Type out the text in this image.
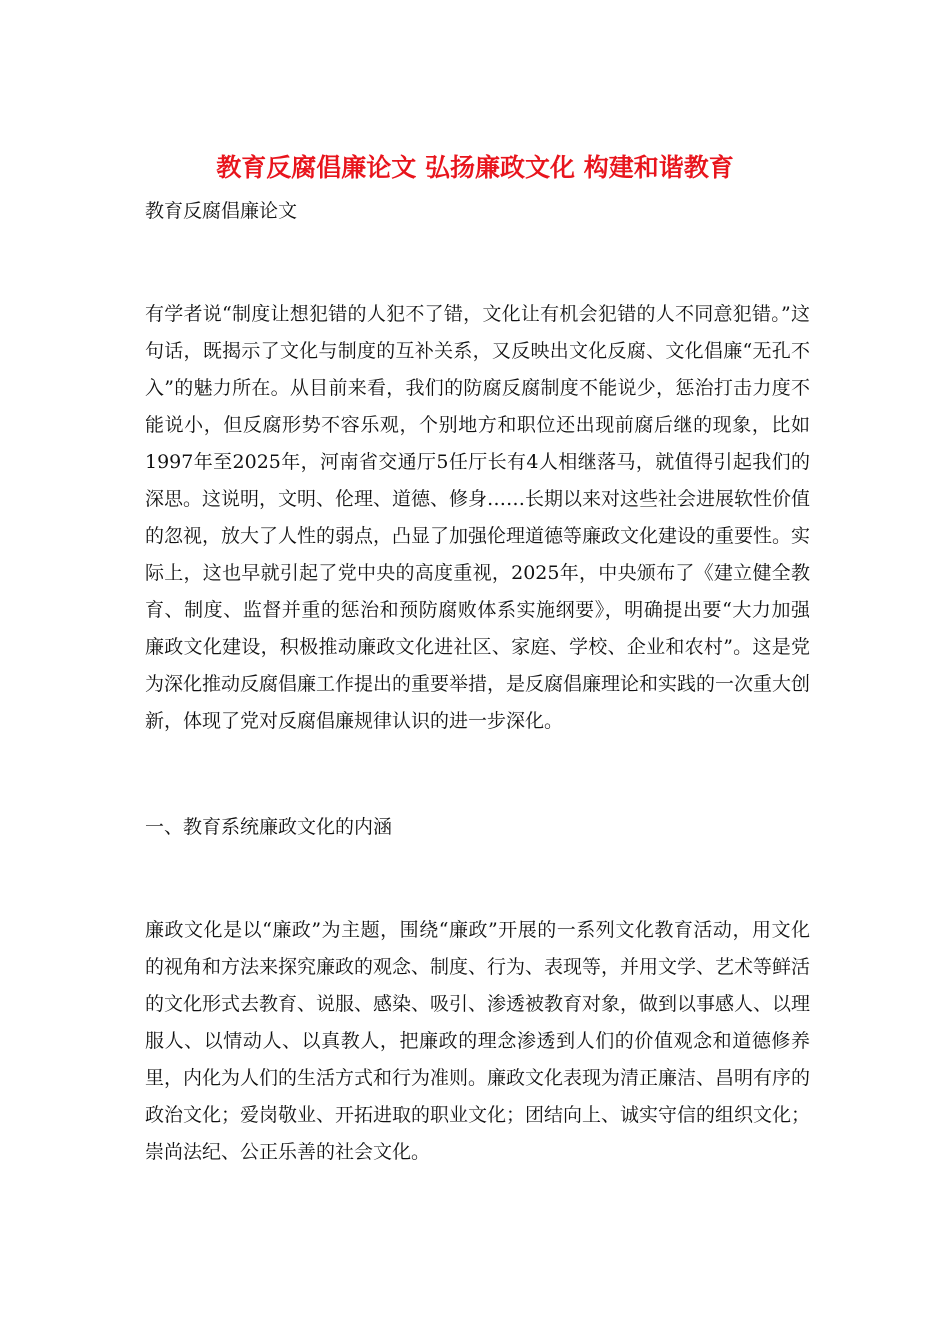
教育反腐倡廉论文 弘扬廉政文化 构建和谐教育

教育反腐倡廉论文

有学者说“制度让想犯错的人犯不了错，文化让有机会犯错的人不同意犯错。”这句话，既揭示了文化与制度的互补关系，又反映出文化反腐、文化倡廉“无孔不入”的魅力所在。从目前来看，我们的防腐反腐制度不能说少，惩治打击力度不能说小，但反腐形势不容乐观，个别地方和职位还出现前腐后继的现象，比如1997年至2025年，河南省交通厅5任厅长有4人相继落马，就值得引起我们的深思。这说明，文明、伦理、道德、修身……长期以来对这些社会进展软性价值的忽视，放大了人性的弱点，凸显了加强伦理道德等廉政文化建设的重要性。实际上，这也早就引起了党中央的高度重视，2025年，中央颁布了《建立健全教育、制度、监督并重的惩治和预防腐败体系实施纲要》，明确提出要“大力加强廉政文化建设，积极推动廉政文化进社区、家庭、学校、企业和农村”。这是党为深化推动反腐倡廉工作提出的重要举措，是反腐倡廉理论和实践的一次重大创新，体现了党对反腐倡廉规律认识的进一步深化。

一、教育系统廉政文化的内涵

廉政文化是以“廉政”为主题，围绕“廉政”开展的一系列文化教育活动，用文化的视角和方法来探究廉政的观念、制度、行为、表现等，并用文学、艺术等鲜活的文化形式去教育、说服、感染、吸引、渗透被教育对象，做到以事感人、以理服人、以情动人、以真教人，把廉政的理念渗透到人们的价值观念和道德修养里，内化为人们的生活方式和行为准则。廉政文化表现为清正廉洁、昌明有序的政治文化；爱岗敬业、开拓进取的职业文化；团结向上、诚实守信的组织文化；崇尚法纪、公正乐善的社会文化。
